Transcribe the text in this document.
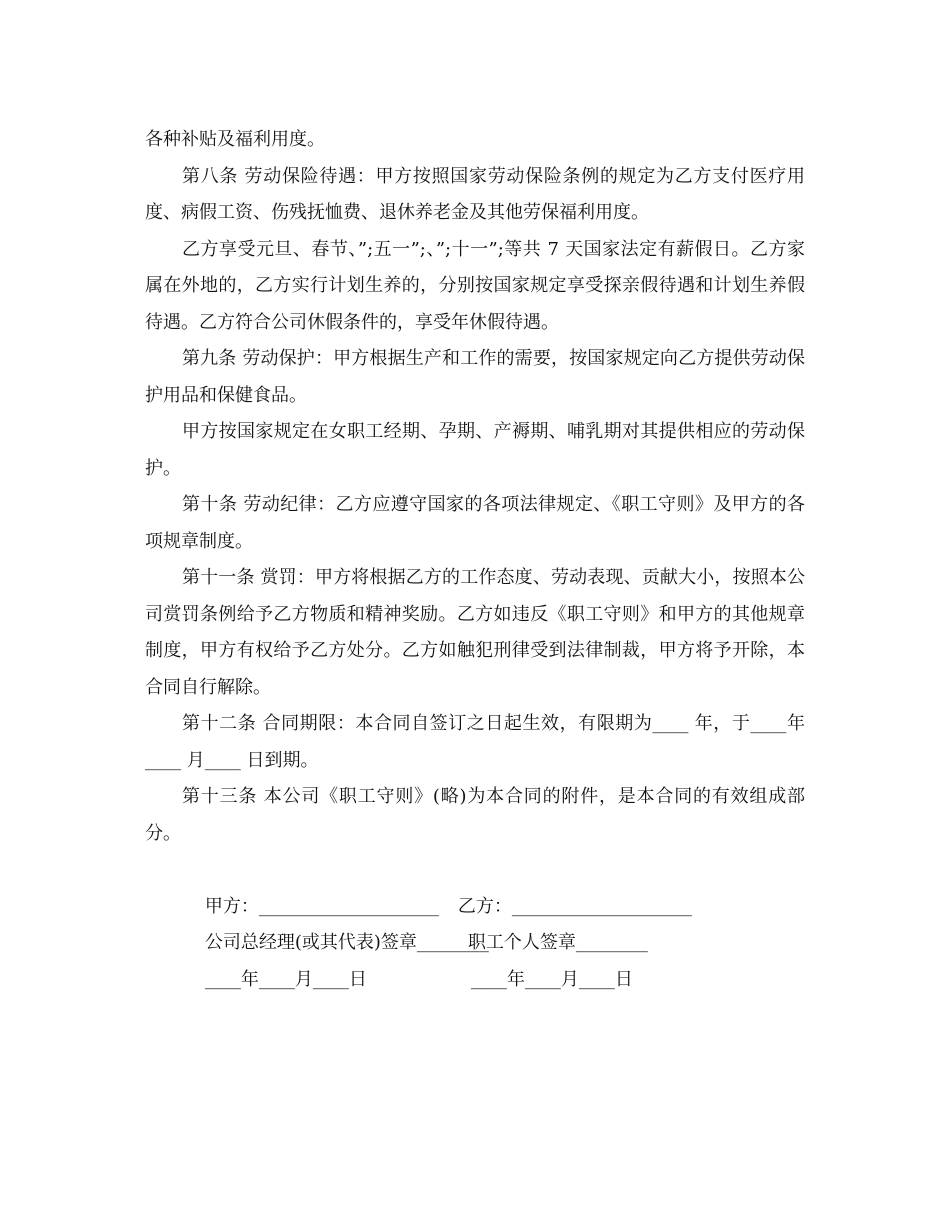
各种补贴及福利用度。

第八条 劳动保险待遇：甲方按照国家劳动保险条例的规定为乙方支付医疗用度、病假工资、伤残抚恤费、退休养老金及其他劳保福利用度。

乙方享受元旦、春节、”;五一”;、”;十一”;等共 7 天国家法定有薪假日。乙方家属在外地的，乙方实行计划生养的，分别按国家规定享受探亲假待遇和计划生养假待遇。乙方符合公司休假条件的，享受年休假待遇。

第九条 劳动保护：甲方根据生产和工作的需要，按国家规定向乙方提供劳动保护用品和保健食品。

甲方按国家规定在女职工经期、孕期、产褥期、哺乳期对其提供相应的劳动保护。

第十条 劳动纪律：乙方应遵守国家的各项法律规定、《职工守则》及甲方的各项规章制度。

第十一条 赏罚：甲方将根据乙方的工作态度、劳动表现、贡献大小，按照本公司赏罚条例给予乙方物质和精神奖励。乙方如违反《职工守则》和甲方的其他规章制度，甲方有权给予乙方处分。乙方如触犯刑律受到法律制裁，甲方将予开除，本合同自行解除。

第十二条 合同期限：本合同自签订之日起生效，有限期为____ 年，于____年____ 月____ 日到期。

第十三条 本公司《职工守则》(略)为本合同的附件，是本合同的有效组成部分。

甲方：____________________ 乙方：____________________

公司总经理(或其代表)签章________职工个人签章________

____年____月____日	____年____月____日
